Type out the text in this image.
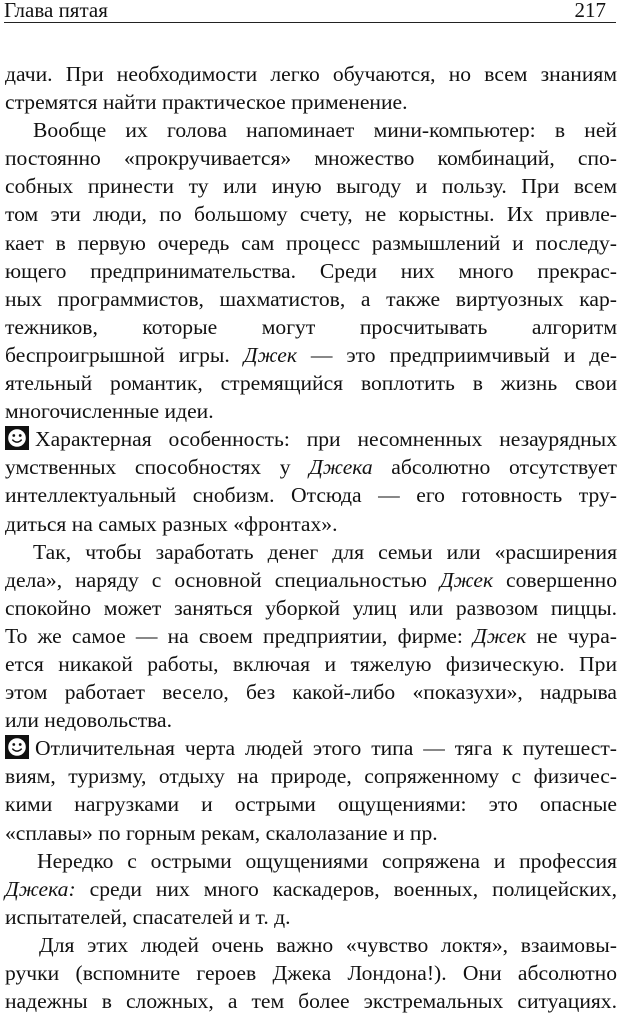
Глава пятая	217
дачи. При необходимости легко обучаются, но всем знаниям
стремятся найти практическое применение.
Вообще их голова напоминает мини-компьютер: в ней
постоянно «прокручивается» множество комбинаций, спо-
собных принести ту или иную выгоду и пользу. При всем
том эти люди, по большому счету, не корыстны. Их привле-
кает в первую очередь сам процесс размышлений и последу-
ющего предпринимательства. Среди них много прекрас-
ных программистов, шахматистов, а также виртуозных кар-
тежников, которые могут просчитывать алгоритм
беспроигрышной игры. Джек — это предприимчивый и де-
ятельный романтик, стремящийся воплотить в жизнь свои
многочисленные идеи.
Характерная особенность: при несомненных незаурядных
умственных способностях у Джека абсолютно отсутствует
интеллектуальный снобизм. Отсюда — его готовность тру-
диться на самых разных «фронтах».
Так, чтобы заработать денег для семьи или «расширения
дела», наряду с основной специальностью Джек совершенно
спокойно может заняться уборкой улиц или развозом пиццы.
То же самое — на своем предприятии, фирме: Джек не чура-
ется никакой работы, включая и тяжелую физическую. При
этом работает весело, без какой-либо «показухи», надрыва
или недовольства.
Отличительная черта людей этого типа — тяга к путешест-
виям, туризму, отдыху на природе, сопряженному с физичес-
кими нагрузками и острыми ощущениями: это опасные
«сплавы» по горным рекам, скалолазание и пр.
Нередко с острыми ощущениями сопряжена и профессия
Джека: среди них много каскадеров, военных, полицейских,
испытателей, спасателей и т. д.
Для этих людей очень важно «чувство локтя», взаимовы-
ручки (вспомните героев Джека Лондона!). Они абсолютно
надежны в сложных, а тем более экстремальных ситуациях.
